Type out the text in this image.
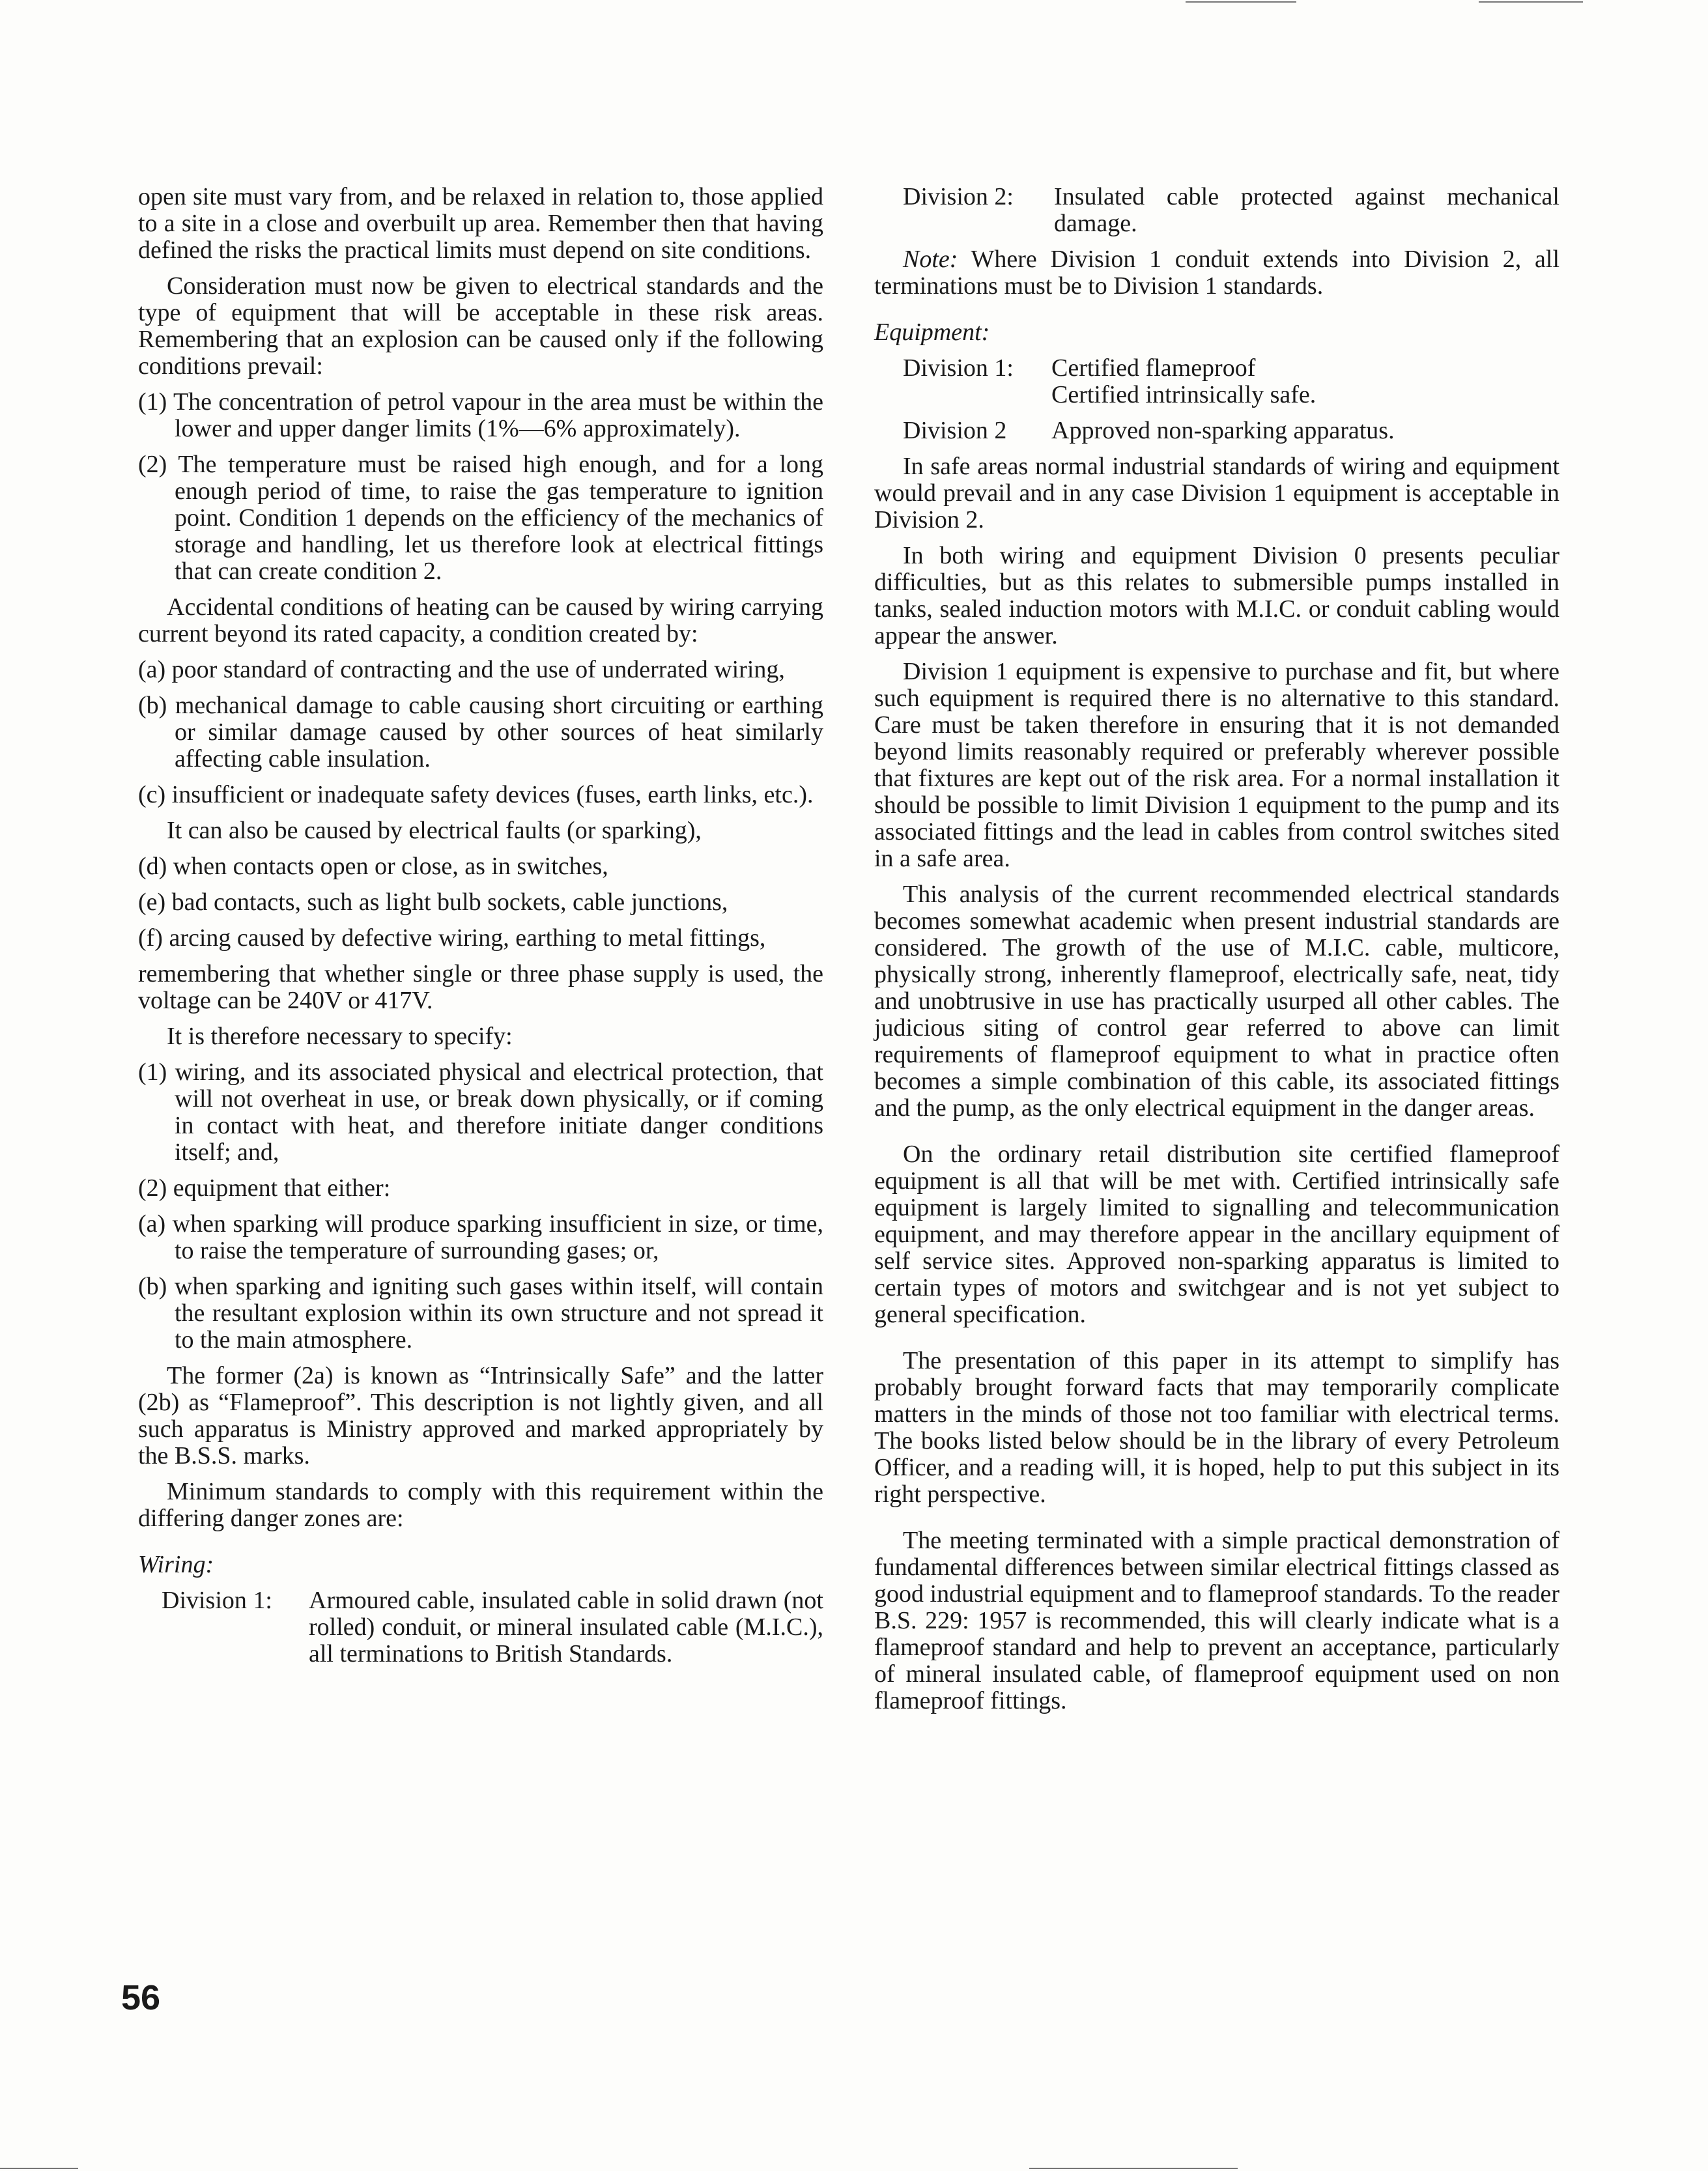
open site must vary from, and be relaxed in relation to, those applied to a site in a close and overbuilt up area. Remember then that having defined the risks the practical limits must depend on site conditions.

Consideration must now be given to electrical standards and the type of equipment that will be acceptable in these risk areas. Remembering that an explosion can be caused only if the following conditions prevail:

(1) The concentration of petrol vapour in the area must be within the lower and upper danger limits (1%—6% approximately).

(2) The temperature must be raised high enough, and for a long enough period of time, to raise the gas temperature to ignition point. Condition 1 depends on the efficiency of the mechanics of storage and handling, let us therefore look at electrical fittings that can create condition 2.

Accidental conditions of heating can be caused by wiring carrying current beyond its rated capacity, a condition created by:

(a) poor standard of contracting and the use of underrated wiring,

(b) mechanical damage to cable causing short circuiting or earthing or similar damage caused by other sources of heat similarly affecting cable insulation.

(c) insufficient or inadequate safety devices (fuses, earth links, etc.).

It can also be caused by electrical faults (or sparking),

(d) when contacts open or close, as in switches,

(e) bad contacts, such as light bulb sockets, cable junctions,

(f) arcing caused by defective wiring, earthing to metal fittings,

remembering that whether single or three phase supply is used, the voltage can be 240V or 417V.

It is therefore necessary to specify:

(1) wiring, and its associated physical and electrical protection, that will not overheat in use, or break down physically, or if coming in contact with heat, and therefore initiate danger conditions itself; and,

(2) equipment that either:

(a) when sparking will produce sparking insufficient in size, or time, to raise the temperature of surrounding gases; or,

(b) when sparking and igniting such gases within itself, will contain the resultant explosion within its own structure and not spread it to the main atmosphere.

The former (2a) is known as “Intrinsically Safe” and the latter (2b) as “Flameproof”. This description is not lightly given, and all such apparatus is Ministry approved and marked appropriately by the B.S.S. marks.

Minimum standards to comply with this requirement within the differing danger zones are:

Wiring:

Division 1:	Armoured cable, insulated cable in solid drawn (not rolled) conduit, or mineral insulated cable (M.I.C.), all terminations to British Standards.
Division 2:	Insulated cable protected against mechanical damage.

Note: Where Division 1 conduit extends into Division 2, all terminations must be to Division 1 standards.

Equipment:

Division 1:	Certified flameproof
Certified intrinsically safe.
Division 2	Approved non-sparking apparatus.

In safe areas normal industrial standards of wiring and equipment would prevail and in any case Division 1 equipment is acceptable in Division 2.

In both wiring and equipment Division 0 presents peculiar difficulties, but as this relates to submersible pumps installed in tanks, sealed induction motors with M.I.C. or conduit cabling would appear the answer.

Division 1 equipment is expensive to purchase and fit, but where such equipment is required there is no alternative to this standard. Care must be taken therefore in ensuring that it is not demanded beyond limits reasonably required or preferably wherever possible that fixtures are kept out of the risk area. For a normal installation it should be possible to limit Division 1 equipment to the pump and its associated fittings and the lead in cables from control switches sited in a safe area.

This analysis of the current recommended electrical standards becomes somewhat academic when present industrial standards are considered. The growth of the use of M.I.C. cable, multicore, physically strong, inherently flameproof, electrically safe, neat, tidy and unobtrusive in use has practically usurped all other cables. The judicious siting of control gear referred to above can limit requirements of flameproof equipment to what in practice often becomes a simple combination of this cable, its associated fittings and the pump, as the only electrical equipment in the danger areas.

On the ordinary retail distribution site certified flameproof equipment is all that will be met with. Certified intrinsically safe equipment is largely limited to signalling and telecommunication equipment, and may therefore appear in the ancillary equipment of self service sites. Approved non-sparking apparatus is limited to certain types of motors and switchgear and is not yet subject to general specification.

The presentation of this paper in its attempt to simplify has probably brought forward facts that may temporarily complicate matters in the minds of those not too familiar with electrical terms. The books listed below should be in the library of every Petroleum Officer, and a reading will, it is hoped, help to put this subject in its right perspective.

The meeting terminated with a simple practical demonstration of fundamental differences between similar electrical fittings classed as good industrial equipment and to flameproof standards. To the reader B.S. 229: 1957 is recommended, this will clearly indicate what is a flameproof standard and help to prevent an acceptance, particularly of mineral insulated cable, of flameproof equipment used on non flameproof fittings.

56
